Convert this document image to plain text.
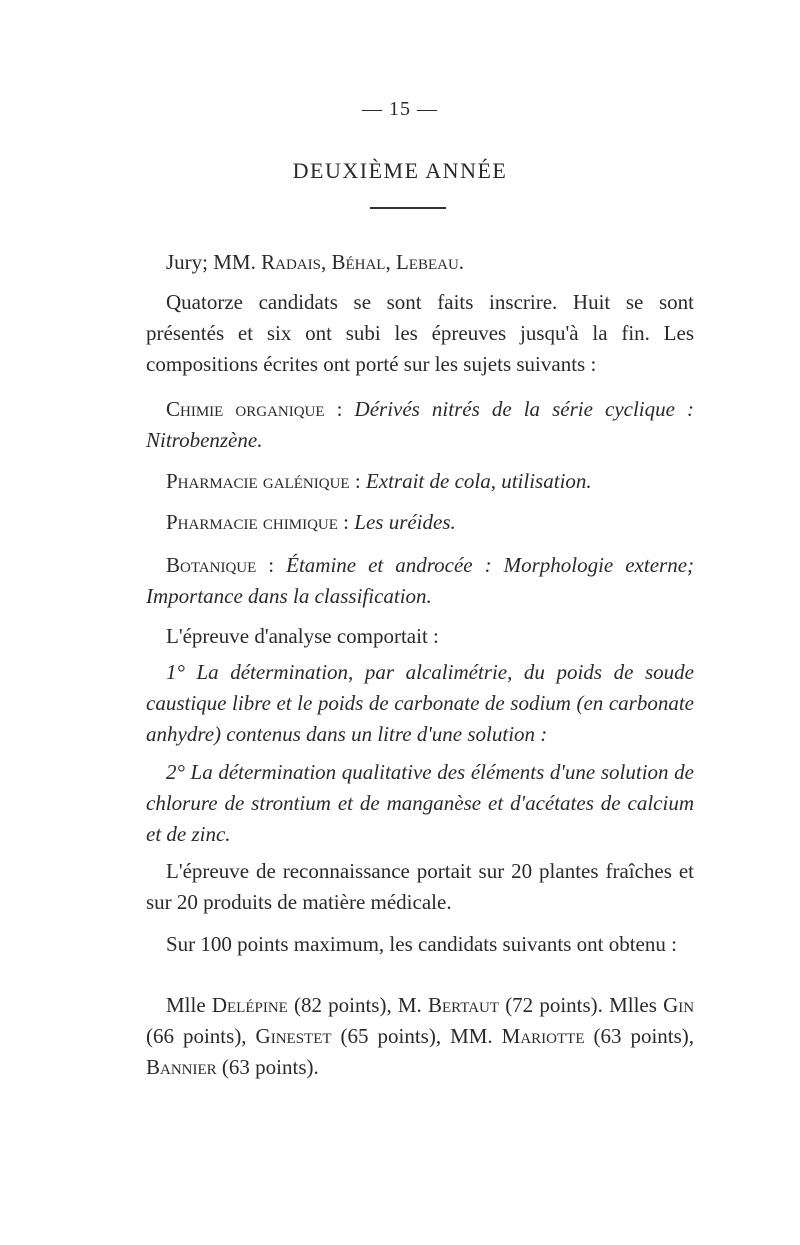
— 15 —
DEUXIÈME ANNÉE

Jury; MM. Radais, Béhal, Lebeau.

Quatorze candidats se sont faits inscrire. Huit se sont présentés et six ont subi les épreuves jusqu'à la fin. Les compositions écrites ont porté sur les sujets suivants :

Chimie organique : Dérivés nitrés de la série cyclique : Nitrobenzène.

Pharmacie galénique : Extrait de cola, utilisation.

Pharmacie chimique : Les uréides.

Botanique : Étamine et androcée : Morphologie externe; Importance dans la classification.

L'épreuve d'analyse comportait :

1° La détermination, par alcalimétrie, du poids de soude caustique libre et le poids de carbonate de sodium (en carbonate anhydre) contenus dans un litre d'une solution :

2° La détermination qualitative des éléments d'une solution de chlorure de strontium et de manganèse et d'acétates de calcium et de zinc.

L'épreuve de reconnaissance portait sur 20 plantes fraîches et sur 20 produits de matière médicale.

Sur 100 points maximum, les candidats suivants ont obtenu :

Mlle Delépine (82 points), M. Bertaut (72 points). Mlles Gin (66 points), Ginestet (65 points), MM. Mariotte (63 points), Bannier (63 points).
